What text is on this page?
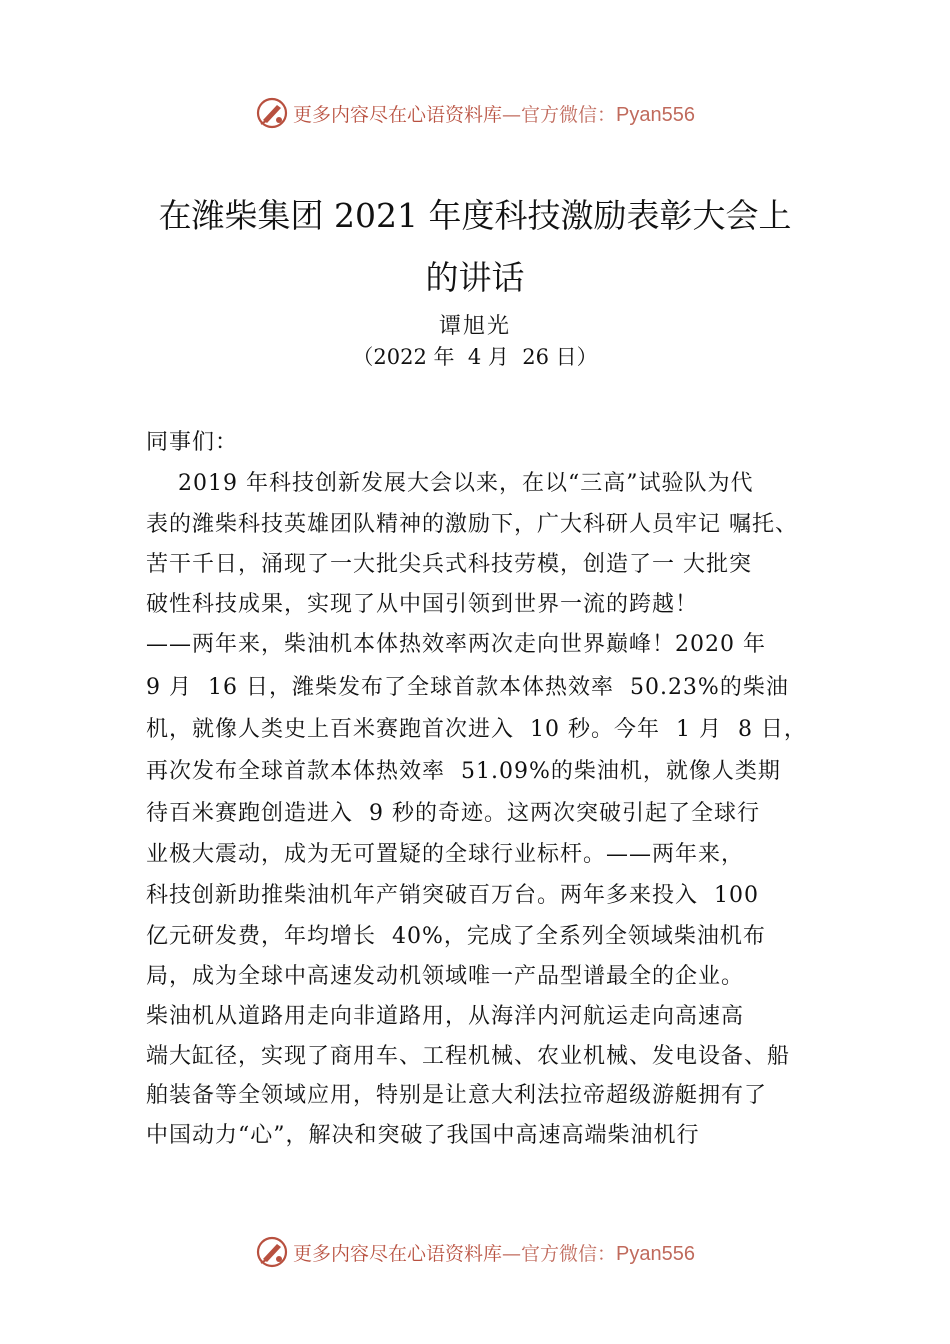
更多内容尽在心语资料库—官方微信：Pyan556
在潍柴集团 2021 年度科技激励表彰大会上
的讲话
谭旭光
（2022 年  4 月  26 日）
同事们：
2019 年科技创新发展大会以来，在以“三高”试验队为代
表的潍柴科技英雄团队精神的激励下，广大科研人员牢记 嘱托、
苦干千日，涌现了一大批尖兵式科技劳模，创造了一 大批突
破性科技成果，实现了从中国引领到世界一流的跨越！
——两年来，柴油机本体热效率两次走向世界巅峰！2020 年
9 月  16 日，潍柴发布了全球首款本体热效率  50.23%的柴油
机，就像人类史上百米赛跑首次进入  10 秒。今年  1 月  8 日，
再次发布全球首款本体热效率  51.09%的柴油机，就像人类期
待百米赛跑创造进入  9 秒的奇迹。这两次突破引起了全球行
业极大震动，成为无可置疑的全球行业标杆。——两年来，
科技创新助推柴油机年产销突破百万台。两年多来投入  100
亿元研发费，年均增长  40%，完成了全系列全领域柴油机布
局，成为全球中高速发动机领域唯一产品型谱最全的企业。
柴油机从道路用走向非道路用，从海洋内河航运走向高速高
端大缸径，实现了商用车、工程机械、农业机械、发电设备、船
舶装备等全领域应用，特别是让意大利法拉帝超级游艇拥有了
中国动力“心”，解决和突破了我国中高速高端柴油机行
更多内容尽在心语资料库—官方微信：Pyan556
